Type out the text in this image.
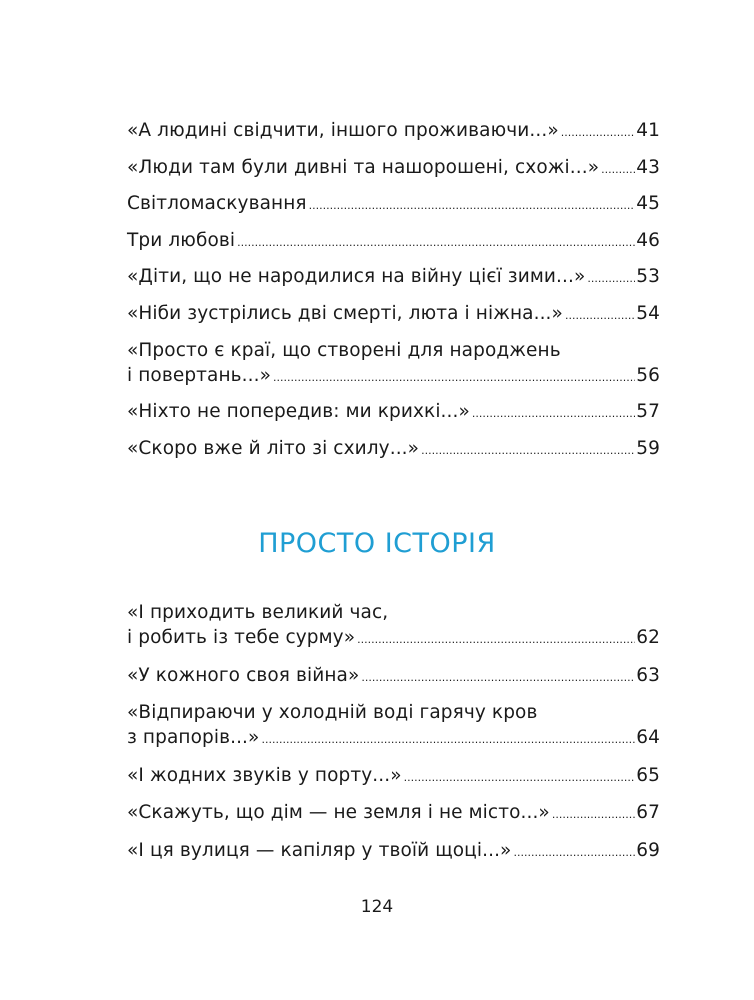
«А людині свідчити, іншого проживаючи...» .....	41
«Люди там були дивні та нашорошені, схожі...» ..... 43
Світломаскування .....	45
Три любові .....	46
«Діти, що не народилися на війну цієї зими...» .....	53
«Ніби зустрілись дві смерті, люта і ніжна...» .....	54
«Просто є краї, що створені для народжень
і повертань...» .....	56
«Ніхто не попередив: ми крихкі...» .....	57
«Скоро вже й літо зі схилу...» .....	59
ПРОСТО ІСТОРІЯ
«І приходить великий час,
і робить із тебе сурму» .....	62
«У кожного своя війна» .....	63
«Відпираючи у холодній воді гарячу кров
з прапорів...» .....	64
«І жодних звуків у порту...» .....	65
«Скажуть, що дім — не земля і не місто...» .....	67
«І ця вулиця — капіляр у твоїй щоці...» .....	69
124
